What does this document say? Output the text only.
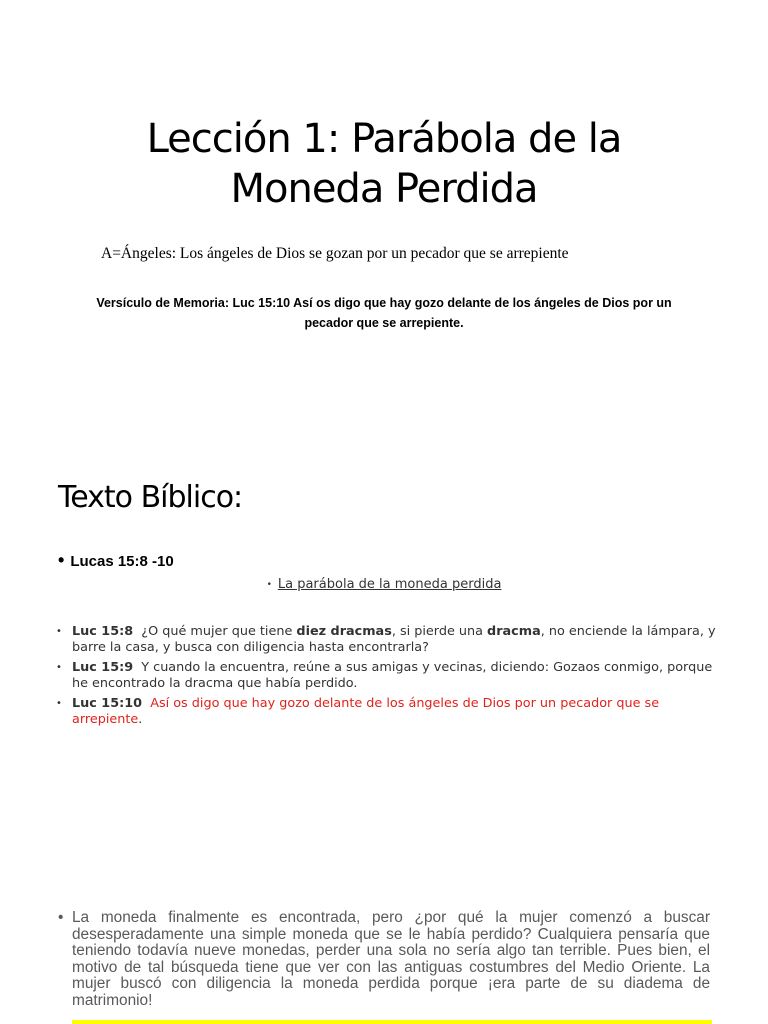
Lección 1: Parábola de la
Moneda Perdida
A=Ángeles: Los ángeles de Dios se gozan por un pecador que se arrepiente
Versículo de Memoria: Luc 15:10 Así os digo que hay gozo delante de los ángeles de Dios por un pecador que se arrepiente.
Texto Bíblico:
• Lucas 15:8 -10
• La parábola de la moneda perdida
• Luc 15:8 ¿O qué mujer que tiene diez dracmas, si pierde una dracma, no enciende la lámpara, y barre la casa, y busca con diligencia hasta encontrarla?
• Luc 15:9 Y cuando la encuentra, reúne a sus amigas y vecinas, diciendo: Gozaos conmigo, porque he encontrado la dracma que había perdido.
• Luc 15:10 Así os digo que hay gozo delante de los ángeles de Dios por un pecador que se arrepiente.
• La moneda finalmente es encontrada, pero ¿por qué la mujer comenzó a buscar desesperadamente una simple moneda que se le había perdido? Cualquiera pensaría que teniendo todavía nueve monedas, perder una sola no sería algo tan terrible. Pues bien, el motivo de tal búsqueda tiene que ver con las antiguas costumbres del Medio Oriente. La mujer buscó con diligencia la moneda perdida porque ¡era parte de su diadema de matrimonio!
